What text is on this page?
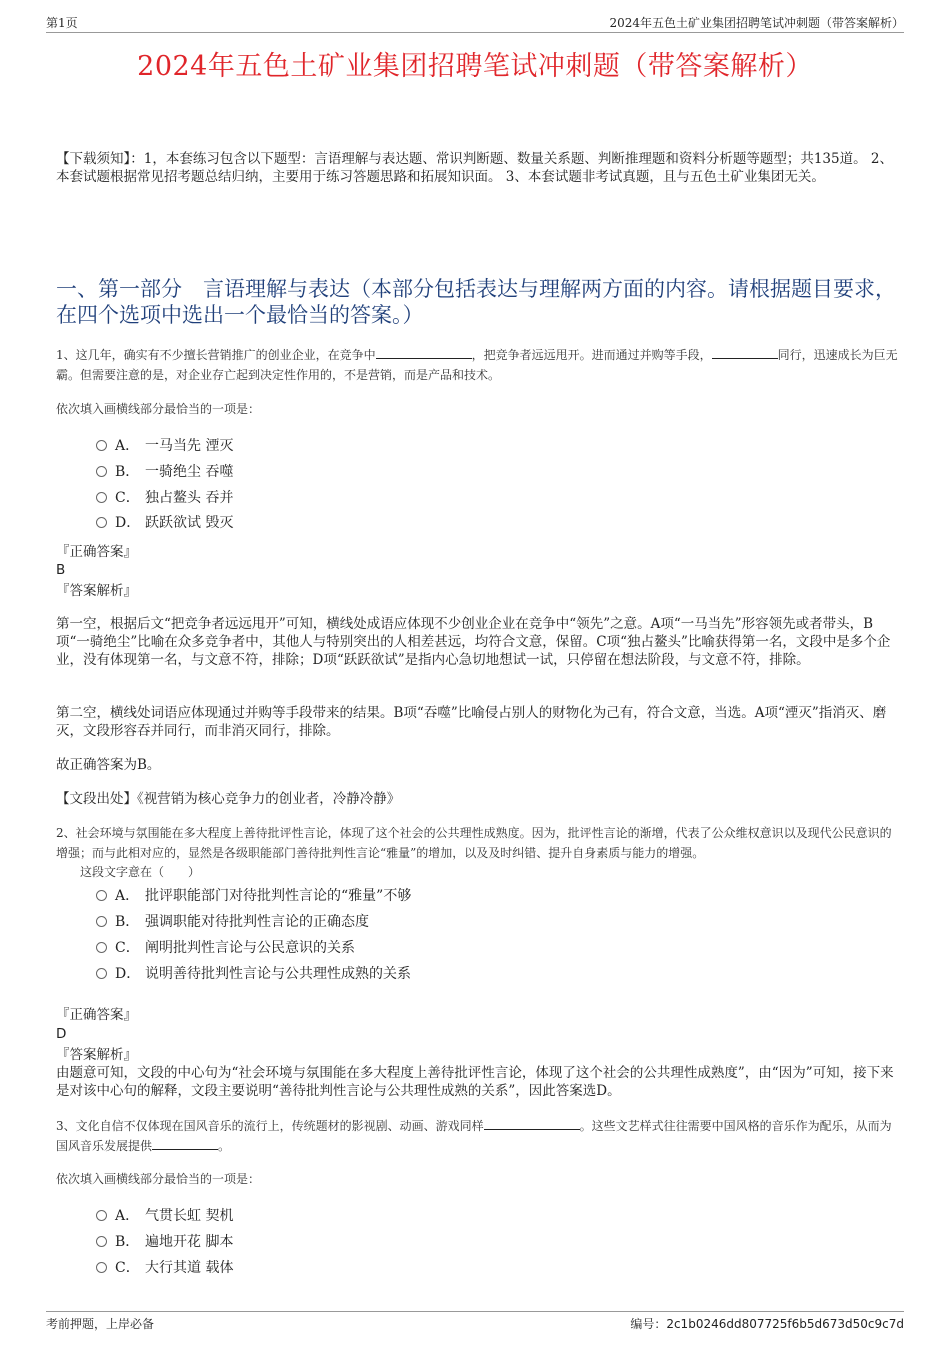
第1页	2024年五色土矿业集团招聘笔试冲刺题（带答案解析）
2024年五色土矿业集团招聘笔试冲刺题（带答案解析）
【下载须知】：1，本套练习包含以下题型：言语理解与表达题、常识判断题、数量关系题、判断推理题和资料分析题等题型；共135道。 2、本套试题根据常见招考题总结归纳，主要用于练习答题思路和拓展知识面。 3、本套试题非考试真题，且与五色土矿业集团无关。
一、第一部分　言语理解与表达（本部分包括表达与理解两方面的内容。请根据题目要求，在四个选项中选出一个最恰当的答案。）
1、这几年，确实有不少擅长营销推广的创业企业，在竞争中	，把竞争者远远甩开。进而通过并购等手段，	同行，迅速成长为巨无霸。但需要注意的是，对企业存亡起到决定性作用的，不是营销，而是产品和技术。
依次填入画横线部分最恰当的一项是：
A． 一马当先 湮灭
B． 一骑绝尘 吞噬
C． 独占鳌头 吞并
D． 跃跃欲试 毁灭
『正确答案』
B
『答案解析』
第一空，根据后文“把竞争者远远甩开”可知，横线处成语应体现不少创业企业在竞争中“领先”之意。A项“一马当先”形容领先或者带头，B项“一骑绝尘”比喻在众多竞争者中，其他人与特别突出的人相差甚远，均符合文意，保留。C项“独占鳌头”比喻获得第一名，文段中是多个企业，没有体现第一名，与文意不符，排除；D项“跃跃欲试”是指内心急切地想试一试，只停留在想法阶段，与文意不符，排除。
第二空，横线处词语应体现通过并购等手段带来的结果。B项“吞噬”比喻侵占别人的财物化为己有，符合文意，当选。A项“湮灭”指消灭、磨灭，文段形容吞并同行，而非消灭同行，排除。
故正确答案为B。
【文段出处】《视营销为核心竞争力的创业者，冷静冷静》
2、社会环境与氛围能在多大程度上善待批评性言论，体现了这个社会的公共理性成熟度。因为，批评性言论的渐增，代表了公众维权意识以及现代公民意识的增强；而与此相对应的，显然是各级职能部门善待批判性言论“雅量”的增加，以及及时纠错、提升自身素质与能力的增强。
这段文字意在（　　）
A． 批评职能部门对待批判性言论的“雅量”不够
B． 强调职能对待批判性言论的正确态度
C． 阐明批判性言论与公民意识的关系
D． 说明善待批判性言论与公共理性成熟的关系
『正确答案』
D
『答案解析』
由题意可知，文段的中心句为“社会环境与氛围能在多大程度上善待批评性言论，体现了这个社会的公共理性成熟度”，由“因为”可知，接下来是对该中心句的解释，文段主要说明“善待批判性言论与公共理性成熟的关系”，因此答案选D。
3、文化自信不仅体现在国风音乐的流行上，传统题材的影视剧、动画、游戏同样	。这些文艺样式往往需要中国风格的音乐作为配乐，从而为国风音乐发展提供	。
依次填入画横线部分最恰当的一项是：
A． 气贯长虹 契机
B． 遍地开花 脚本
C． 大行其道 载体
考前押题，上岸必备	编号：2c1b0246dd807725f6b5d673d50c9c7d
